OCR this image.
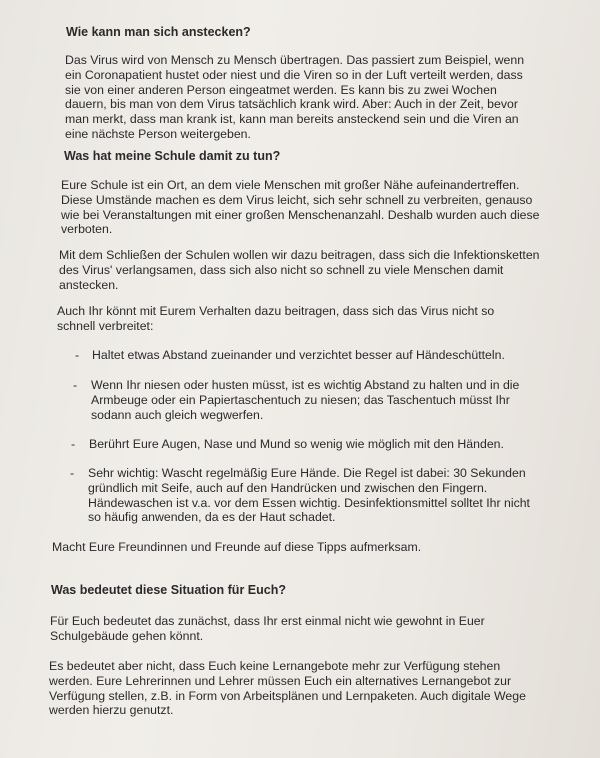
Wie kann man sich anstecken?

Das Virus wird von Mensch zu Mensch übertragen. Das passiert zum Beispiel, wenn ein Coronapatient hustet oder niest und die Viren so in der Luft verteilt werden, dass sie von einer anderen Person eingeatmet werden. Es kann bis zu zwei Wochen dauern, bis man von dem Virus tatsächlich krank wird. Aber: Auch in der Zeit, bevor man merkt, dass man krank ist, kann man bereits ansteckend sein und die Viren an eine nächste Person weitergeben.

Was hat meine Schule damit zu tun?

Eure Schule ist ein Ort, an dem viele Menschen mit großer Nähe aufeinandertreffen. Diese Umstände machen es dem Virus leicht, sich sehr schnell zu verbreiten, genauso wie bei Veranstaltungen mit einer großen Menschenanzahl. Deshalb wurden auch diese verboten.

Mit dem Schließen der Schulen wollen wir dazu beitragen, dass sich die Infektionsketten des Virus' verlangsamen, dass sich also nicht so schnell zu viele Menschen damit anstecken.

Auch Ihr könnt mit Eurem Verhalten dazu beitragen, dass sich das Virus nicht so schnell verbreitet:

- Haltet etwas Abstand zueinander und verzichtet besser auf Händeschütteln.

- Wenn Ihr niesen oder husten müsst, ist es wichtig Abstand zu halten und in die Armbeuge oder ein Papiertaschentuch zu niesen; das Taschentuch müsst Ihr sodann auch gleich wegwerfen.

- Berührt Eure Augen, Nase und Mund so wenig wie möglich mit den Händen.

- Sehr wichtig: Wascht regelmäßig Eure Hände. Die Regel ist dabei: 30 Sekunden gründlich mit Seife, auch auf den Handrücken und zwischen den Fingern. Händewaschen ist v.a. vor dem Essen wichtig. Desinfektionsmittel solltet Ihr nicht so häufig anwenden, da es der Haut schadet.

Macht Eure Freundinnen und Freunde auf diese Tipps aufmerksam.

Was bedeutet diese Situation für Euch?

Für Euch bedeutet das zunächst, dass Ihr erst einmal nicht wie gewohnt in Euer Schulgebäude gehen könnt.

Es bedeutet aber nicht, dass Euch keine Lernangebote mehr zur Verfügung stehen werden. Eure Lehrerinnen und Lehrer müssen Euch ein alternatives Lernangebot zur Verfügung stellen, z.B. in Form von Arbeitsplänen und Lernpaketen. Auch digitale Wege werden hierzu genutzt.
